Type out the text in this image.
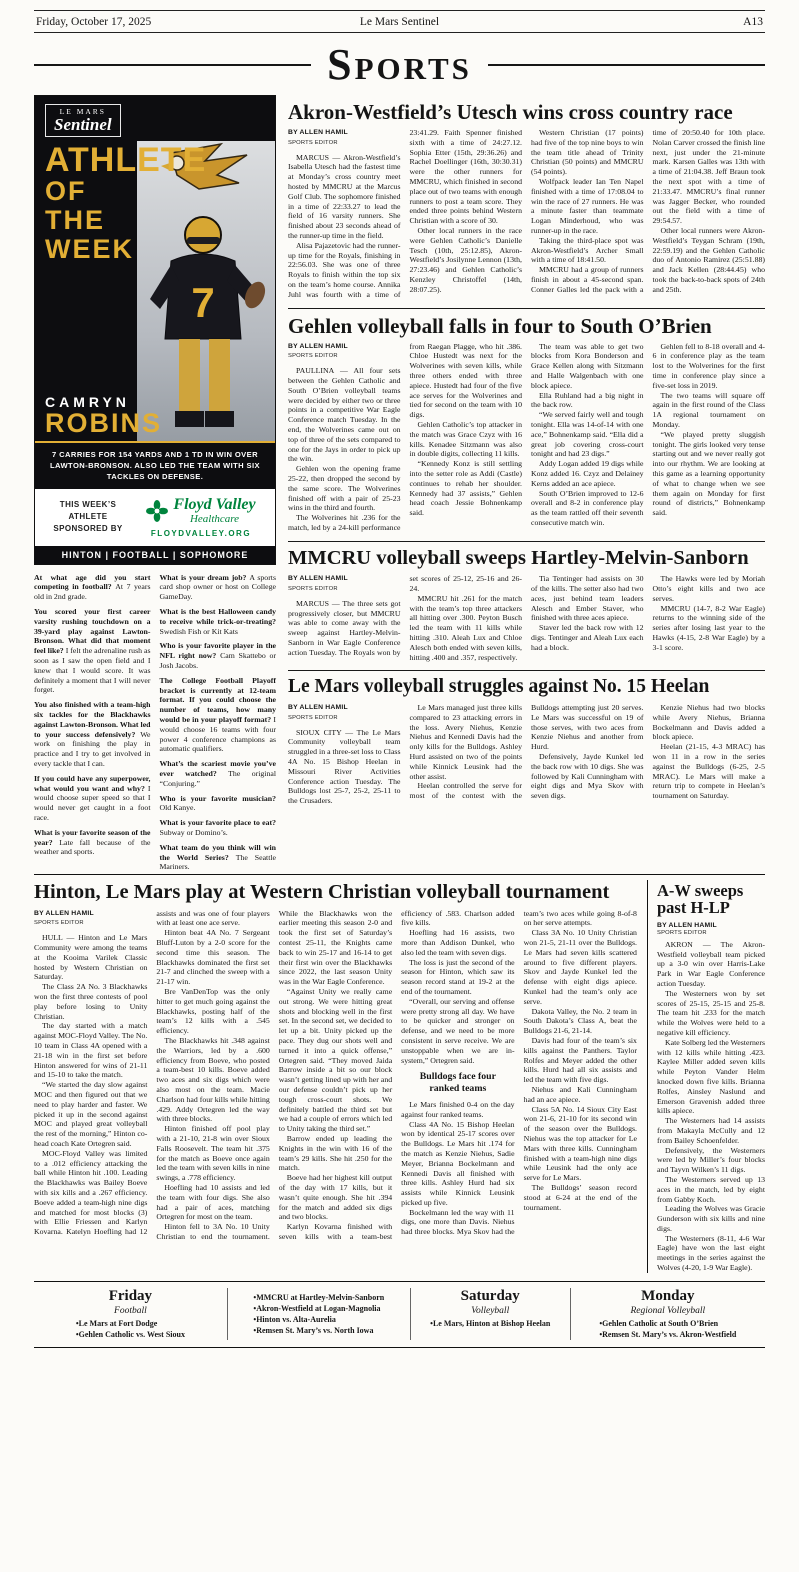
Friday, October 17, 2025	Le Mars Sentinel	A13
Sports
LE MARS
Sentinel
7
ATHLETE
OF
THE
WEEK
CAMRYN
ROBINS
7 CARRIES FOR 154 YARDS AND 1 TD IN WIN OVER LAWTON-BRONSON. ALSO LED THE TEAM WITH SIX TACKLES ON DEFENSE.
THIS WEEK’S ATHLETE SPONSORED BY
Floyd Valley
Healthcare
FLOYDVALLEY.ORG
HINTON | FOOTBALL | SOPHOMORE

At what age did you start competing in football? At 7 years old in 2nd grade.

You scored your first career varsity rushing touchdown on a 39-yard play against Lawton-Bronson. What did that moment feel like? I felt the adrenaline rush as soon as I saw the open field and I knew that I would score. It was definitely a moment that I will never forget.

You also finished with a team-high six tackles for the Blackhawks against Lawton-Bronson. What led to your success defensively? We work on finishing the play in practice and I try to get involved in every tackle that I can.

If you could have any superpower, what would you want and why? I would choose super speed so that I would never get caught in a foot race.

What is your favorite season of the year? Late fall because of the weather and sports.

What is your dream job? A sports card shop owner or host on College GameDay.

What is the best Halloween candy to receive while trick-or-treating? Swedish Fish or Kit Kats

Who is your favorite player in the NFL right now? Cam Skattebo or Josh Jacobs.

The College Football Playoff bracket is currently at 12-team format. If you could choose the number of teams, how many would be in your playoff format? I would choose 16 teams with four power 4 conference champions as automatic qualifiers.

What’s the scariest movie you’ve ever watched? The original “Conjuring.”

Who is your favorite musician? Old Kanye.

What is your favorite place to eat? Subway or Domino’s.

What team do you think will win the World Series? The Seattle Mariners.

Akron-Westfield’s Utesch wins cross country race
BY ALLEN HAMIL
SPORTS EDITOR

MARCUS — Akron-Westfield’s Isabella Utesch had the fastest time at Monday’s cross country meet hosted by MMCRU at the Marcus Golf Club. The sophomore finished in a time of 22:33.27 to lead the field of 16 varsity runners. She finished about 23 seconds ahead of the runner-up time in the field.

Alisa Pajazetovic had the runner-up time for the Royals, finishing in 22:56.03. She was one of three Royals to finish within the top six on the team’s home course. Annika Juhl was fourth with a time of 23:41.29. Faith Spenner finished sixth with a time of 24:27.12. Sophia Etter (15th, 29:36.26) and Rachel Doellinger (16th, 30:30.31) were the other runners for MMCRU, which finished in second place out of two teams with enough runners to post a team score. They ended three points behind Western Christian with a score of 30.

Other local runners in the race were Gehlen Catholic’s Danielle Tesch (10th, 25:12.85), Akron-Westfield’s Josilynne Lennon (13th, 27:23.46) and Gehlen Catholic’s Kenzley Christoffel (14th, 28:07.25).

Western Christian (17 points) had five of the top nine boys to win the team title ahead of Trinity Christian (50 points) and MMCRU (54 points).

Wolfpack leader Ian Ten Napel finished with a time of 17:08.04 to win the race of 27 runners. He was a minute faster than teammate Logan Minderhoud, who was runner-up in the race.

Taking the third-place spot was Akron-Westfield’s Archer Small with a time of 18:41.50.

MMCRU had a group of runners finish in about a 45-second span. Conner Galles led the pack with a time of 20:50.40 for 10th place. Nolan Carver crossed the finish line next, just under the 21-minute mark. Karsen Galles was 13th with a time of 21:04.38. Jeff Braun took the next spot with a time of 21:33.47. MMCRU’s final runner was Jagger Becker, who rounded out the field with a time of 29:54.57.

Other local runners were Akron-Westfield’s Teygan Schram (19th, 22:59.19) and the Gehlen Catholic duo of Antonio Ramirez (25:51.88) and Jack Kellen (28:44.45) who took the back-to-back spots of 24th and 25th.

Gehlen volleyball falls in four to South O’Brien
BY ALLEN HAMIL
SPORTS EDITOR

PAULLINA — All four sets between the Gehlen Catholic and South O’Brien volleyball teams were decided by either two or three points in a competitive War Eagle Conference match Tuesday. In the end, the Wolverines came out on top of three of the sets compared to one for the Jays in order to pick up the win.

Gehlen won the opening frame 25-22, then dropped the second by the same score. The Wolverines finished off with a pair of 25-23 wins in the third and fourth.

The Wolverines hit .236 for the match, led by a 24-kill performance from Raegan Plagge, who hit .386. Chloe Hustedt was next for the Wolverines with seven kills, while three others ended with three apiece. Hustedt had four of the five ace serves for the Wolverines and tied for second on the team with 10 digs.

Gehlen Catholic’s top attacker in the match was Grace Czyz with 16 kills. Kenadee Sitzmann was also in double digits, collecting 11 kills.

“Kennedy Konz is still settling into the setter role as Addi (Castle) continues to rehab her shoulder. Kennedy had 37 assists,” Gehlen head coach Jessie Bohnenkamp said.

The team was able to get two blocks from Kora Bonderson and Grace Kellen along with Sitzmann and Halle Walgenbach with one block apiece.

Ella Ruhland had a big night in the back row.

“We served fairly well and tough tonight. Ella was 14-of-14 with one ace,” Bohnenkamp said. “Ella did a great job covering cross-court tonight and had 23 digs.”

Addy Logan added 19 digs while Konz added 16. Czyz and Delainey Kerns added an ace apiece.

South O’Brien improved to 12-6 overall and 8-2 in conference play as the team rattled off their seventh consecutive match win.

Gehlen fell to 8-18 overall and 4-6 in conference play as the team lost to the Wolverines for the first time in conference play since a five-set loss in 2019.

The two teams will square off again in the first round of the Class 1A regional tournament on Monday.

“We played pretty sluggish tonight. The girls looked very tense starting out and we never really got into our rhythm. We are looking at this game as a learning opportunity of what to change when we see them again on Monday for first round of districts,” Bohnenkamp said.

MMCRU volleyball sweeps Hartley-Melvin-Sanborn
BY ALLEN HAMIL
SPORTS EDITOR

MARCUS — The three sets got progressively closer, but MMCRU was able to come away with the sweep against Hartley-Melvin-Sanborn in War Eagle Conference action Tuesday. The Royals won by set scores of 25-12, 25-16 and 26-24.

MMCRU hit .261 for the match with the team’s top three attackers all hitting over .300. Peyton Busch led the team with 11 kills while hitting .310. Aleah Lux and Chloe Alesch both ended with seven kills, hitting .400 and .357, respectively.

Tia Tentinger had assists on 30 of the kills. The setter also had two aces, just behind team leaders Alesch and Ember Staver, who finished with three aces apiece.

Staver led the back row with 12 digs. Tentinger and Aleah Lux each had a block.

The Hawks were led by Moriah Otto’s eight kills and two ace serves.

MMCRU (14-7, 8-2 War Eagle) returns to the winning side of the series after losing last year to the Hawks (4-15, 2-8 War Eagle) by a 3-1 score.

Le Mars volleyball struggles against No. 15 Heelan
BY ALLEN HAMIL
SPORTS EDITOR

SIOUX CITY — The Le Mars Community volleyball team struggled in a three-set loss to Class 4A No. 15 Bishop Heelan in Missouri River Activities Conference action Tuesday. The Bulldogs lost 25-7, 25-2, 25-11 to the Crusaders.

Le Mars managed just three kills compared to 23 attacking errors in the loss. Avery Niehus, Kenzie Niehus and Kennedi Davis had the only kills for the Bulldogs. Ashley Hurd assisted on two of the points while Kinnick Leusink had the other assist.

Heelan controlled the serve for most of the contest with the Bulldogs attempting just 20 serves. Le Mars was successful on 19 of those serves, with two aces from Kenzie Niehus and another from Hurd.

Defensively, Jayde Kunkel led the back row with 10 digs. She was followed by Kali Cunningham with eight digs and Mya Skov with seven digs.

Kenzie Niehus had two blocks while Avery Niehus, Brianna Bockelmann and Davis added a block apiece.

Heelan (21-15, 4-3 MRAC) has won 11 in a row in the series against the Bulldogs (6-25, 2-5 MRAC). Le Mars will make a return trip to compete in Heelan’s tournament on Saturday.

Hinton, Le Mars play at Western Christian volleyball tournament
BY ALLEN HAMIL
SPORTS EDITOR

HULL — Hinton and Le Mars Community were among the teams at the Kooima Varilek Classic hosted by Western Christian on Saturday.

The Class 2A No. 3 Blackhawks won the first three contests of pool play before losing to Unity Christian.

The day started with a match against MOC-Floyd Valley. The No. 10 team in Class 4A opened with a 21-18 win in the first set before Hinton answered for wins of 21-11 and 15-10 to take the match.

“We started the day slow against MOC and then figured out that we need to play harder and faster. We picked it up in the second against MOC and played great volleyball the rest of the morning,” Hinton co-head coach Kate Ortegren said.

MOC-Floyd Valley was limited to a .012 efficiency attacking the ball while Hinton hit .100. Leading the Blackhawks was Bailey Boeve with six kills and a .267 efficiency. Boeve added a team-high nine digs and matched for most blocks (3) with Ellie Friessen and Karlyn Kovarna. Katelyn Hoefling had 12 assists and was one of four players with at least one ace serve.

Hinton beat 4A No. 7 Sergeant Bluff-Luton by a 2-0 score for the second time this season. The Blackhawks dominated the first set 21-7 and clinched the sweep with a 21-17 win.

Bre VanDenTop was the only hitter to get much going against the Blackhawks, posting half of the team’s 12 kills with a .545 efficiency.

The Blackhawks hit .348 against the Warriors, led by a .600 efficiency from Boeve, who posted a team-best 10 kills. Boeve added two aces and six digs which were also most on the team. Macie Charlson had four kills while hitting .429. Addy Ortegren led the way with three blocks.

Hinton finished off pool play with a 21-10, 21-8 win over Sioux Falls Roosevelt. The team hit .375 for the match as Boeve once again led the team with seven kills in nine swings, a .778 efficiency.

Hoefling had 10 assists and led the team with four digs. She also had a pair of aces, matching Ortegren for most on the team.

Hinton fell to 3A No. 10 Unity Christian to end the tournament. While the Blackhawks won the earlier meeting this season 2-0 and took the first set of Saturday’s contest 25-11, the Knights came back to win 25-17 and 16-14 to get their first win over the Blackhawks since 2022, the last season Unity was in the War Eagle Conference.

“Against Unity we really came out strong. We were hitting great shots and blocking well in the first set. In the second set, we decided to let up a bit. Unity picked up the pace. They dug our shots well and turned it into a quick offense,” Ortegren said. “They moved Jaida Barrow inside a bit so our block wasn’t getting lined up with her and our defense couldn’t pick up her tough cross-court shots. We definitely battled the third set but we had a couple of errors which led to Unity taking the third set.”

Barrow ended up leading the Knights in the win with 16 of the team’s 29 kills. She hit .250 for the match.

Boeve had her highest kill output of the day with 17 kills, but it wasn’t quite enough. She hit .394 for the match and added six digs and two blocks.

Karlyn Kovarna finished with seven kills with a team-best efficiency of .583. Charlson added five kills.

Hoefling had 16 assists, two more than Addison Dunkel, who also led the team with seven digs.

The loss is just the second of the season for Hinton, which saw its season record stand at 19-2 at the end of the tournament.

“Overall, our serving and offense were pretty strong all day. We have to be quicker and stronger on defense, and we need to be more consistent in serve receive. We are unstoppable when we are in-system,” Ortegren said.

Bulldogs face four ranked teams

Le Mars finished 0-4 on the day against four ranked teams.

Class 4A No. 15 Bishop Heelan won by identical 25-17 scores over the Bulldogs. Le Mars hit .174 for the match as Kenzie Niehus, Sadie Meyer, Brianna Bockelmann and Kennedi Davis all finished with three kills. Ashley Hurd had six assists while Kinnick Leusink picked up five.

Bockelmann led the way with 11 digs, one more than Davis. Niehus had three blocks. Mya Skov had the team’s two aces while going 8-of-8 on her serve attempts.

Class 3A No. 10 Unity Christian won 21-5, 21-11 over the Bulldogs. Le Mars had seven kills scattered around to five different players. Skov and Jayde Kunkel led the defense with eight digs apiece. Kunkel had the team’s only ace serve.

Dakota Valley, the No. 2 team in South Dakota’s Class A, beat the Bulldogs 21-6, 21-14.

Davis had four of the team’s six kills against the Panthers. Taylor Rolfes and Meyer added the other kills. Hurd had all six assists and led the team with five digs.

Niehus and Kali Cunningham had an ace apiece.

Class 5A No. 14 Sioux City East won 21-6, 21-10 for its second win of the season over the Bulldogs. Niehus was the top attacker for Le Mars with three kills. Cunningham finished with a team-high nine digs while Leusink had the only ace serve for Le Mars.

The Bulldogs’ season record stood at 6-24 at the end of the tournament.

A-W sweeps past H-LP
BY ALLEN HAMIL
SPORTS EDITOR

AKRON — The Akron-Westfield volleyball team picked up a 3-0 win over Harris-Lake Park in War Eagle Conference action Tuesday.

The Westerners won by set scores of 25-15, 25-15 and 25-8. The team hit .233 for the match while the Wolves were held to a negative kill efficiency.

Kate Solberg led the Westerners with 12 kills while hitting .423. Kaylee Miller added seven kills while Peyton Vander Helm knocked down five kills. Brianna Rolfes, Ainsley Naslund and Emerson Gravenish added three kills apiece.

The Westerners had 14 assists from Makayla McCully and 12 from Bailey Schoenfelder.

Defensively, the Westerners were led by Miller’s four blocks and Tayvn Wilken’s 11 digs.

The Westerners served up 13 aces in the match, led by eight from Gabby Koch.

Leading the Wolves was Gracie Gunderson with six kills and nine digs.

The Westerners (8-11, 4-6 War Eagle) have won the last eight meetings in the series against the Wolves (4-20, 1-9 War Eagle).

Friday
Football
•Le Mars at Fort Dodge
•Gehlen Catholic vs. West Sioux
•MMCRU at Hartley-Melvin-Sanborn
•Akron-Westfield at Logan-Magnolia
•Hinton vs. Alta-Aurelia
•Remsen St. Mary’s vs. North Iowa
Saturday
Volleyball
•Le Mars, Hinton at Bishop Heelan
Monday
Regional Volleyball
•Gehlen Catholic at South O’Brien
•Remsen St. Mary’s vs. Akron-Westfield
